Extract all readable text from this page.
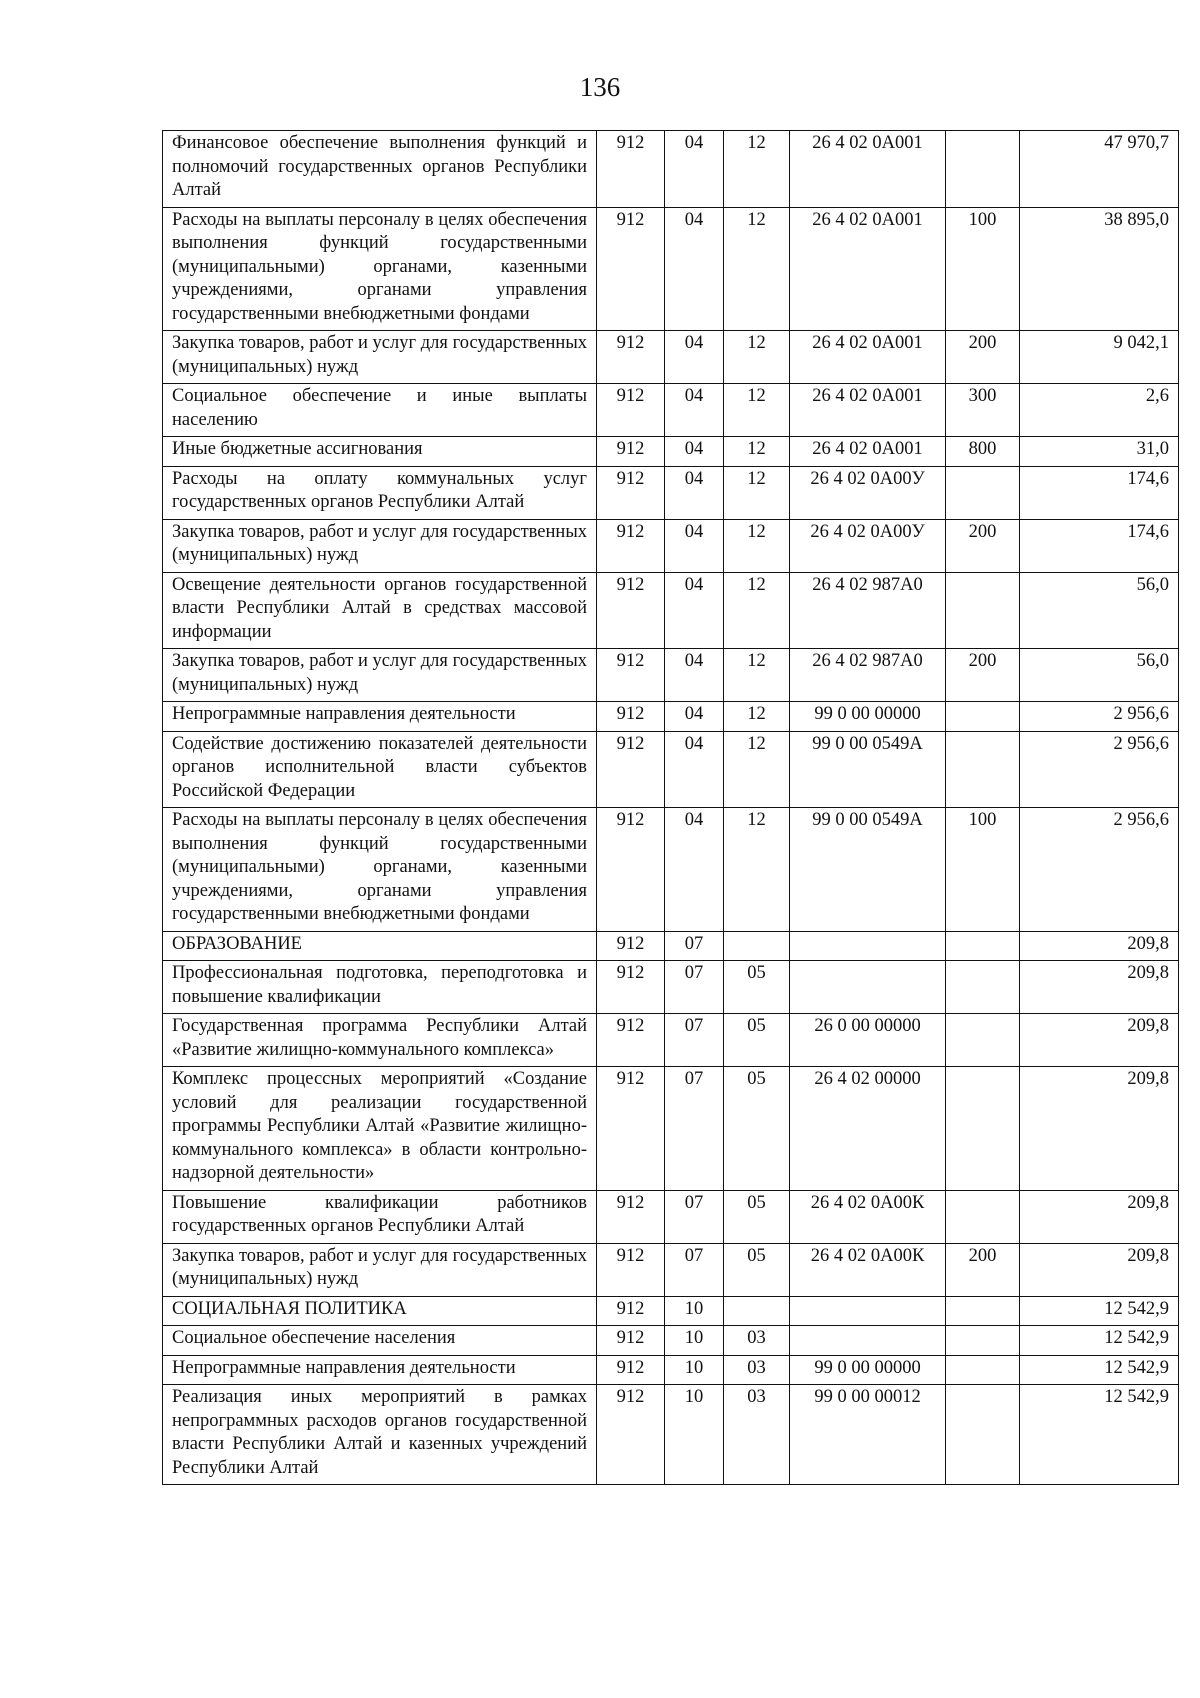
136
Финансовое обеспечение выполнения функций и полномочий государственных органов Республики Алтай	912	04	12	26 4 02 0А001		47 970,7
Расходы на выплаты персоналу в целях обеспечения выполнения функций государственными (муниципальными) органами, казенными учреждениями, органами управления государственными внебюджетными фондами	912	04	12	26 4 02 0А001	100	38 895,0
Закупка товаров, работ и услуг для государственных (муниципальных) нужд	912	04	12	26 4 02 0А001	200	9 042,1
Социальное обеспечение и иные выплаты населению	912	04	12	26 4 02 0А001	300	2,6
Иные бюджетные ассигнования	912	04	12	26 4 02 0А001	800	31,0
Расходы на оплату коммунальных услуг государственных органов Республики Алтай	912	04	12	26 4 02 0А00У		174,6
Закупка товаров, работ и услуг для государственных (муниципальных) нужд	912	04	12	26 4 02 0А00У	200	174,6
Освещение деятельности органов государственной власти Республики Алтай в средствах массовой информации	912	04	12	26 4 02 987А0		56,0
Закупка товаров, работ и услуг для государственных (муниципальных) нужд	912	04	12	26 4 02 987А0	200	56,0
Непрограммные направления деятельности	912	04	12	99 0 00 00000		2 956,6
Содействие достижению показателей деятельности органов исполнительной власти субъектов Российской Федерации	912	04	12	99 0 00 0549А		2 956,6
Расходы на выплаты персоналу в целях обеспечения выполнения функций государственными (муниципальными) органами, казенными учреждениями, органами управления государственными внебюджетными фондами	912	04	12	99 0 00 0549А	100	2 956,6
ОБРАЗОВАНИЕ	912	07				209,8
Профессиональная подготовка, переподготовка и повышение квалификации	912	07	05			209,8
Государственная программа Республики Алтай «Развитие жилищно-коммунального комплекса»	912	07	05	26 0 00 00000		209,8
Комплекс процессных мероприятий «Создание условий для реализации государственной программы Республики Алтай «Развитие жилищно-коммунального комплекса» в области контрольно-надзорной деятельности»	912	07	05	26 4 02 00000		209,8
Повышение квалификации работников государственных органов Республики Алтай	912	07	05	26 4 02 0А00К		209,8
Закупка товаров, работ и услуг для государственных (муниципальных) нужд	912	07	05	26 4 02 0А00К	200	209,8
СОЦИАЛЬНАЯ ПОЛИТИКА	912	10				12 542,9
Социальное обеспечение населения	912	10	03			12 542,9
Непрограммные направления деятельности	912	10	03	99 0 00 00000		12 542,9
Реализация иных мероприятий в рамках непрограммных расходов органов государственной власти Республики Алтай и казенных учреждений Республики Алтай	912	10	03	99 0 00 00012		12 542,9
